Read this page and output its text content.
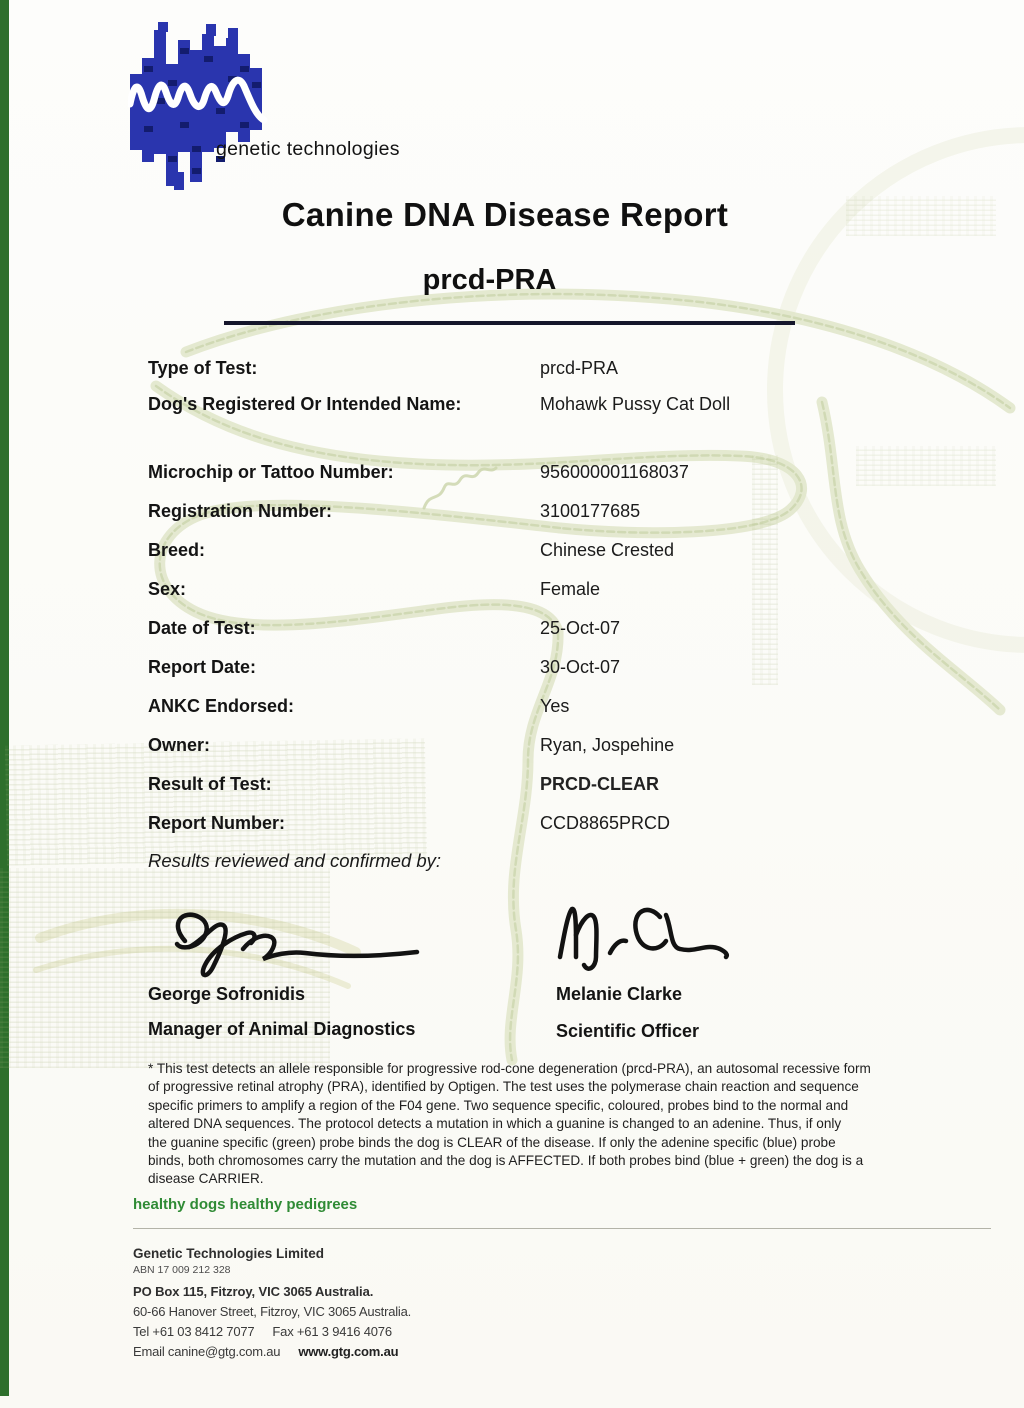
genetic technologies
Canine DNA Disease Report
prcd-PRA
Type of Test:	prcd-PRA
Dog's Registered Or Intended Name:	Mohawk Pussy Cat Doll
Microchip or Tattoo Number:	956000001168037
Registration Number:	3100177685
Breed:	Chinese Crested
Sex:	Female
Date of Test:	25-Oct-07
Report Date:	30-Oct-07
ANKC Endorsed:	Yes
Owner:	Ryan, Jospehine
Result of Test:	PRCD-CLEAR
Report Number:	CCD8865PRCD
Results reviewed and confirmed by:
George Sofronidis
Manager of Animal Diagnostics
Melanie Clarke
Scientific Officer
* This test detects an allele responsible for progressive rod-cone degeneration (prcd-PRA), an autosomal recessive form
of progressive retinal atrophy (PRA), identified by Optigen. The test uses the polymerase chain reaction and sequence
specific primers to amplify a region of the F04 gene. Two sequence specific, coloured, probes bind to the normal and
altered DNA sequences. The protocol detects a mutation in which a guanine is changed to an adenine. Thus, if only
the guanine specific (green) probe binds the dog is CLEAR of the disease. If only the adenine specific (blue) probe
binds, both chromosomes carry the mutation and the dog is AFFECTED. If both probes bind (blue + green) the dog is a
disease CARRIER.
healthy dogs healthy pedigrees
Genetic Technologies Limited
ABN 17 009 212 328
PO Box 115, Fitzroy, VIC 3065 Australia.
60-66 Hanover Street, Fitzroy, VIC 3065 Australia.
Tel +61 03 8412 7077 Fax +61 3 9416 4076
Email canine@gtg.com.au www.gtg.com.au
